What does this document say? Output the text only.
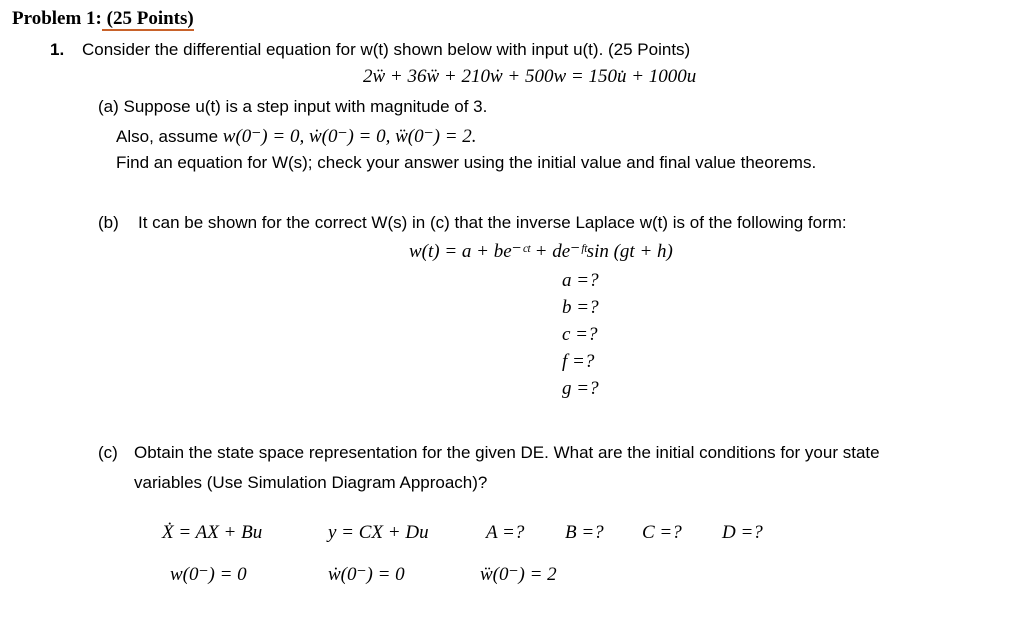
Problem 1: (25 Points)
1. Consider the differential equation for w(t) shown below with input u(t). (25 Points)
2ẅ + 36ẅ + 210ẇ + 500w = 150u̇ + 1000u
(a) Suppose u(t) is a step input with magnitude of 3.
Also, assume w(0⁻) = 0, ẇ(0⁻) = 0, ẅ(0⁻) = 2.
Find an equation for W(s); check your answer using the initial value and final value theorems.
(b) It can be shown for the correct W(s) in (c) that the inverse Laplace w(t) is of the following form:
w(t) = a + be⁻ᶜᵗ + de⁻ᶠᵗsin (gt + h)
a =?
b =?
c =?
f =?
g =?
(c) Obtain the state space representation for the given DE. What are the initial conditions for your state
variables (Use Simulation Diagram Approach)?
Ẋ = AX + Bu	y = CX + Du	A =? B =? C =? D =?
w(0⁻) = 0	ẇ(0⁻) = 0	ẅ(0⁻) = 2
